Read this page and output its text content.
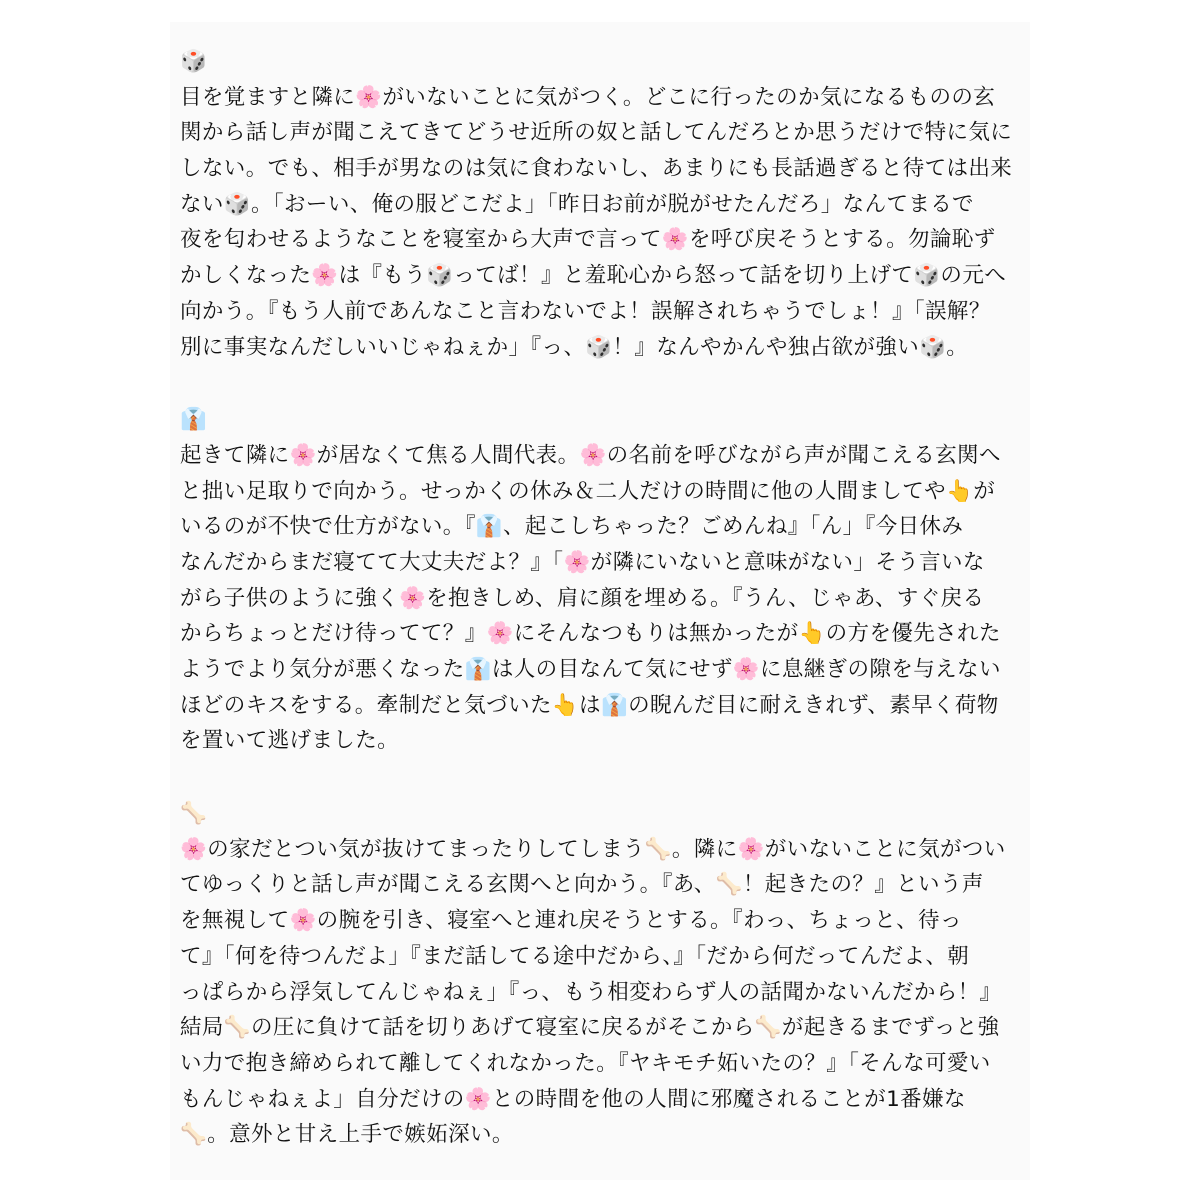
🎲
目を覚ますと隣に🌸がいないことに気がつく。どこに行ったのか気になるものの玄
関から話し声が聞こえてきてどうせ近所の奴と話してんだろとか思うだけで特に気に
しない。でも、相手が男なのは気に食わないし、あまりにも長話過ぎると待ては出来
ない🎲。「おーい、俺の服どこだよ」「昨日お前が脱がせたんだろ」なんてまるで
夜を匂わせるようなことを寝室から大声で言って🌸を呼び戻そうとする。勿論恥ず
かしくなった🌸は『もう🎲ってば！』と羞恥心から怒って話を切り上げて🎲の元へ
向かう。『もう人前であんなこと言わないでよ！誤解されちゃうでしょ！』「誤解？
別に事実なんだしいいじゃねぇか」『っ、🎲！』なんやかんや独占欲が強い🎲。
👔
起きて隣に🌸が居なくて焦る人間代表。🌸の名前を呼びながら声が聞こえる玄関へ
と拙い足取りで向かう。せっかくの休み＆二人だけの時間に他の人間ましてや👆が
いるのが不快で仕方がない。『👔、起こしちゃった？ごめんね』「ん」『今日休み
なんだからまだ寝てて大丈夫だよ？』「🌸が隣にいないと意味がない」そう言いな
がら子供のように強く🌸を抱きしめ、肩に顔を埋める。『うん、じゃあ、すぐ戻る
からちょっとだけ待ってて？』🌸にそんなつもりは無かったが👆の方を優先された
ようでより気分が悪くなった👔は人の目なんて気にせず🌸に息継ぎの隙を与えない
ほどのキスをする。牽制だと気づいた👆は👔の睨んだ目に耐えきれず、素早く荷物
を置いて逃げました。
🦴
🌸の家だとつい気が抜けてまったりしてしまう🦴。隣に🌸がいないことに気がつい
てゆっくりと話し声が聞こえる玄関へと向かう。『あ、🦴！起きたの？』という声
を無視して🌸の腕を引き、寝室へと連れ戻そうとする。『わっ、ちょっと、待っ
て』「何を待つんだよ」『まだ話してる途中だから、』「だから何だってんだよ、朝
っぱらから浮気してんじゃねぇ」『っ、もう相変わらず人の話聞かないんだから！』
結局🦴の圧に負けて話を切りあげて寝室に戻るがそこから🦴が起きるまでずっと強
い力で抱き締められて離してくれなかった。『ヤキモチ妬いたの？』「そんな可愛い
もんじゃねぇよ」自分だけの🌸との時間を他の人間に邪魔されることが1番嫌な
🦴。意外と甘え上手で嫉妬深い。
